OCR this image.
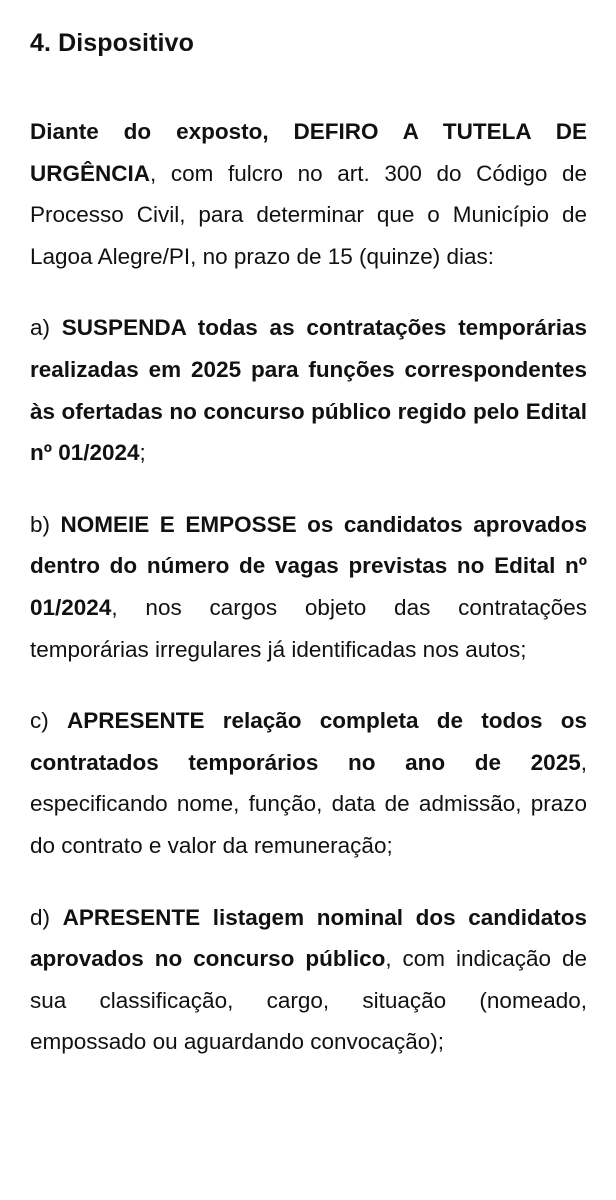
4. Dispositivo

Diante do exposto, DEFIRO A TUTELA DE URGÊNCIA, com fulcro no art. 300 do Código de Processo Civil, para determinar que o Município de Lagoa Alegre/PI, no prazo de 15 (quinze) dias:

a) SUSPENDA todas as contratações temporárias realizadas em 2025 para funções correspondentes às ofertadas no concurso público regido pelo Edital nº 01/2024;

b) NOMEIE E EMPOSSE os candidatos aprovados dentro do número de vagas previstas no Edital nº 01/2024, nos cargos objeto das contratações temporárias irregulares já identificadas nos autos;

c) APRESENTE relação completa de todos os contratados temporários no ano de 2025, especificando nome, função, data de admissão, prazo do contrato e valor da remuneração;

d) APRESENTE listagem nominal dos candidatos aprovados no concurso público, com indicação de sua classificação, cargo, situação (nomeado, empossado ou aguardando convocação);
